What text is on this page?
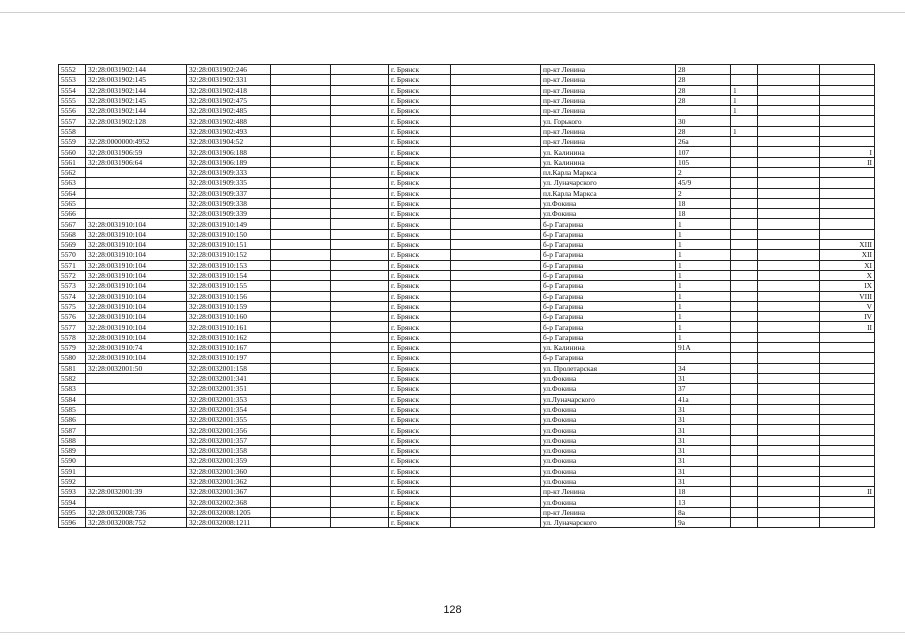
5552	32:28:0031902:144	32:28:0031902:246			г. Брянск		пр-кт Ленина	28			
5553	32:28:0031902:145	32:28:0031902:331			г. Брянск		пр-кт Ленина	28			
5554	32:28:0031902:144	32:28:0031902:418			г. Брянск		пр-кт Ленина	28	1		
5555	32:28:0031902:145	32:28:0031902:475			г. Брянск		пр-кт Ленина	28	1		
5556	32:28:0031902:144	32:28:0031902:485			г. Брянск		пр-кт Ленина		1		
5557	32:28:0031902:128	32:28:0031902:488			г. Брянск		ул. Горького	30			
5558		32:28:0031902:493			г. Брянск		пр-кт Ленина	28	1		
5559	32:28:0000000:4952	32:28:0031904:52			г. Брянск		пр-кт Ленина	26а			
5560	32:28:0031906:59	32:28:0031906:188			г. Брянск		ул. Калинина	107			I
5561	32:28:0031906:64	32:28:0031906:189			г. Брянск		ул. Калинина	105			II
5562		32:28:0031909:333			г. Брянск		пл.Карла Маркса	2			
5563		32:28:0031909:335			г. Брянск		ул. Луначарского	45/9			
5564		32:28:0031909:337			г. Брянск		пл.Карла Маркса	2			
5565		32:28:0031909:338			г. Брянск		ул.Фокина	18			
5566		32:28:0031909:339			г. Брянск		ул.Фокина	18			
5567	32:28:0031910:104	32:28:0031910:149			г. Брянск		б-р Гагарина	1			
5568	32:28:0031910:104	32:28:0031910:150			г. Брянск		б-р Гагарина	1			
5569	32:28:0031910:104	32:28:0031910:151			г. Брянск		б-р Гагарина	1			XIII
5570	32:28:0031910:104	32:28:0031910:152			г. Брянск		б-р Гагарина	1			XII
5571	32:28:0031910:104	32:28:0031910:153			г. Брянск		б-р Гагарина	1			XI
5572	32:28:0031910:104	32:28:0031910:154			г. Брянск		б-р Гагарина	1			X
5573	32:28:0031910:104	32:28:0031910:155			г. Брянск		б-р Гагарина	1			IX
5574	32:28:0031910:104	32:28:0031910:156			г. Брянск		б-р Гагарина	1			VIII
5575	32:28:0031910:104	32:28:0031910:159			г. Брянск		б-р Гагарина	1			V
5576	32:28:0031910:104	32:28:0031910:160			г. Брянск		б-р Гагарина	1			IV
5577	32:28:0031910:104	32:28:0031910:161			г. Брянск		б-р Гагарина	1			II
5578	32:28:0031910:104	32:28:0031910:162			г. Брянск		б-р Гагарина	1			
5579	32:28:0031910:74	32:28:0031910:167			г. Брянск		ул. Калинина	91А			
5580	32:28:0031910:104	32:28:0031910:197			г. Брянск		б-р Гагарина				
5581	32:28:0032001:50	32:28:0032001:158			г. Брянск		ул. Пролетарская	34			
5582		32:28:0032001:341			г. Брянск		ул.Фокина	31			
5583		32:28:0032001:351			г. Брянск		ул.Фокина	37			
5584		32:28:0032001:353			г. Брянск		ул.Луначарского	41а			
5585		32:28:0032001:354			г. Брянск		ул.Фокина	31			
5586		32:28:0032001:355			г. Брянск		ул.Фокина	31			
5587		32:28:0032001:356			г. Брянск		ул.Фокина	31			
5588		32:28:0032001:357			г. Брянск		ул.Фокина	31			
5589		32:28:0032001:358			г. Брянск		ул.Фокина	31			
5590		32:28:0032001:359			г. Брянск		ул.Фокина	31			
5591		32:28:0032001:360			г. Брянск		ул.Фокина	31			
5592		32:28:0032001:362			г. Брянск		ул.Фокина	31			
5593	32:28:0032001:39	32:28:0032001:367			г. Брянск		пр-кт Ленина	18			II
5594		32:28:0032002:368			г. Брянск		ул.Фокина	13			
5595	32:28:0032008:736	32:28:0032008:1205			г. Брянск		пр-кт Ленина	8а			
5596	32:28:0032008:752	32:28:0032008:1211			г. Брянск		ул. Луначарского	9а			
128
